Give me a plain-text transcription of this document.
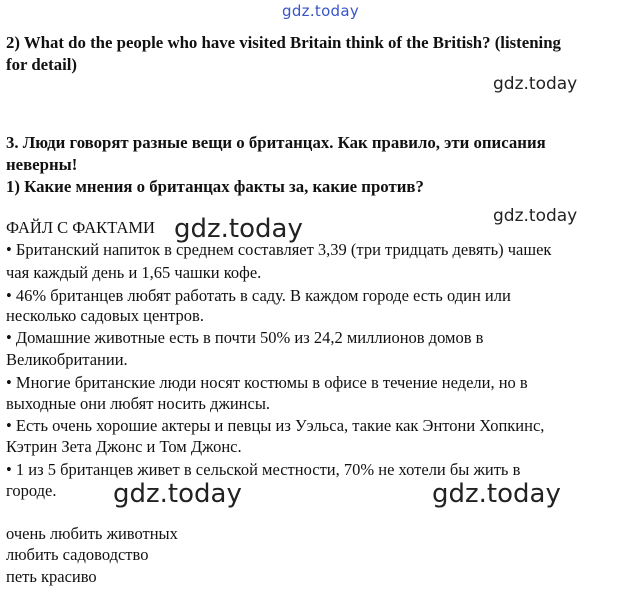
gdz.today
gdz.today
gdz.today
2) What do the people who have visited Britain think of the British? (listening
for detail)
3. Люди говорят разные вещи о британцах. Как правило, эти описания
неверны!
1) Какие мнения о британцах факты за, какие против?
ФАЙЛ С ФАКТАМИ
• Британский напиток в среднем составляет 3,39 (три тридцать девять) чашек
чая каждый день и 1,65 чашки кофе.
• 46% британцев любят работать в саду. В каждом городе есть один или
несколько садовых центров.
• Домашние животные есть в почти 50% из 24,2 миллионов домов в
Великобритании.
• Многие британские люди носят костюмы в офисе в течение недели, но в
выходные они любят носить джинсы.
• Есть очень хорошие актеры и певцы из Уэльса, такие как Энтони Хопкинс,
Кэтрин Зета Джонс и Том Джонс.
• 1 из 5 британцев живет в сельской местности, 70% не хотели бы жить в
городе.
очень любить животных
любить садоводство
петь красиво
gdz.today
gdz.today	gdz.today
